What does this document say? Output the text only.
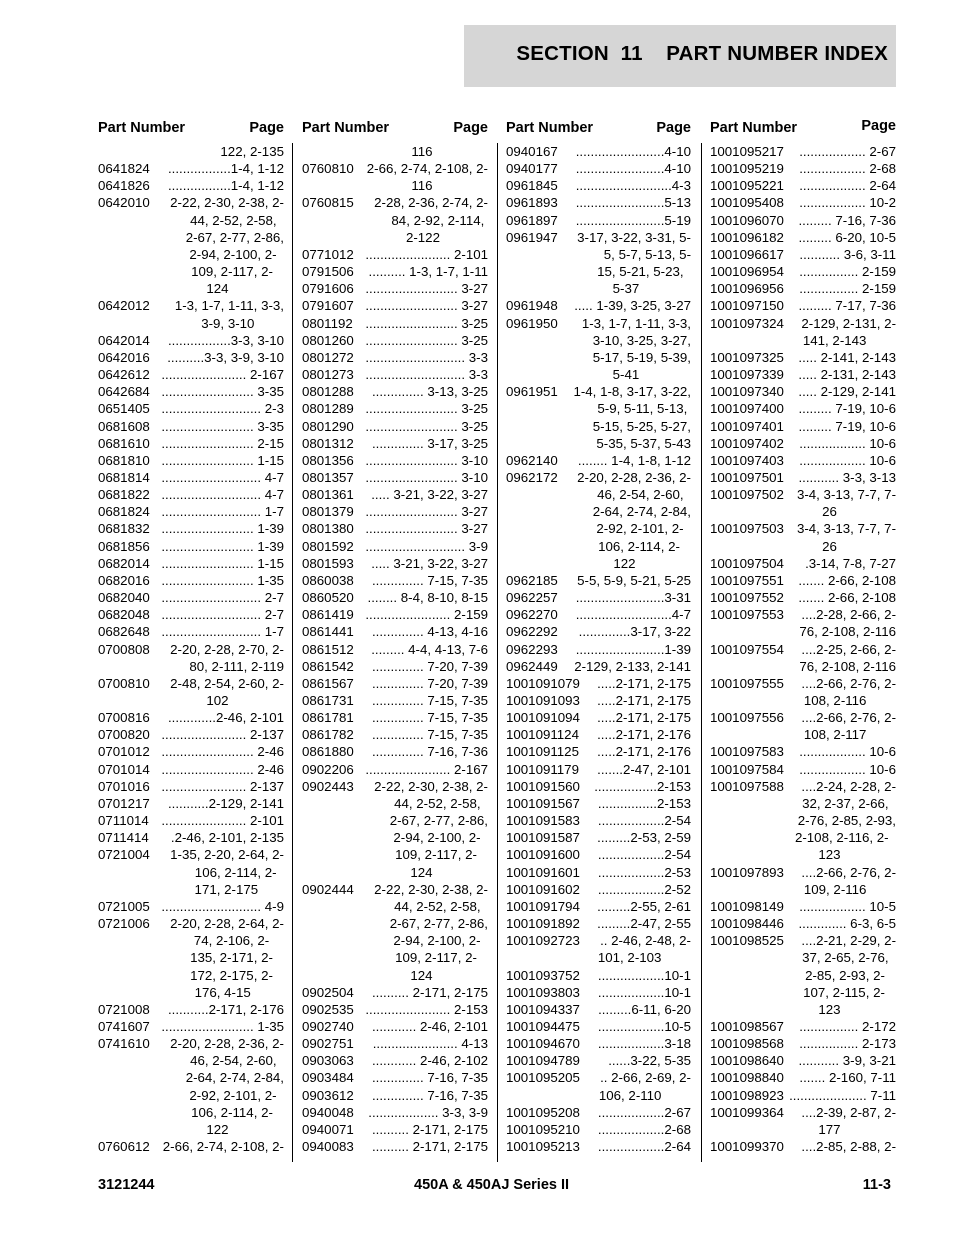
SECTION  11    PART NUMBER INDEX
Part Number	Page
122, 2-135
0641824	.................1-4, 1-12
0641826	.................1-4, 1-12
0642010	2-22, 2-30, 2-38, 2-
44, 2-52, 2-58,
2-67, 2-77, 2-86,
2-94, 2-100, 2-
109, 2-117, 2-
124
0642012	1-3, 1-7, 1-11, 3-3,
3-9, 3-10
0642014	.................3-3, 3-10
0642016	..........3-3, 3-9, 3-10
0642612 ....................... 2-167
0642684 ......................... 3-35
0651405 ........................... 2-3
0681608 ......................... 3-35
0681610 ......................... 2-15
0681810 ......................... 1-15
0681814 ........................... 4-7
0681822 ........................... 4-7
0681824 ........................... 1-7
0681832 ......................... 1-39
0681856 ......................... 1-39
0682014 ......................... 1-15
0682016 ......................... 1-35
0682040 ........................... 2-7
0682048 ........................... 2-7
0682648 ........................... 1-7
0700808	2-20, 2-28, 2-70, 2-
80, 2-111, 2-119
0700810	2-48, 2-54, 2-60, 2-
102
0700816	.............2-46, 2-101
0700820 ....................... 2-137
0701012 ......................... 2-46
0701014 ......................... 2-46
0701016 ....................... 2-137
0701217	...........2-129, 2-141
0711014 ....................... 2-101
0711414	.2-46, 2-101, 2-135
0721004	1-35, 2-20, 2-64, 2-
106, 2-114, 2-
171, 2-175
0721005 ........................... 4-9
0721006	2-20, 2-28, 2-64, 2-
74, 2-106, 2-
135, 2-171, 2-
172, 2-175, 2-
176, 4-15
0721008	...........2-171, 2-176
0741607 ......................... 1-35
0741610	2-20, 2-28, 2-36, 2-
46, 2-54, 2-60,
2-64, 2-74, 2-84,
2-92, 2-101, 2-
106, 2-114, 2-
122
0760612 2-66, 2-74, 2-108, 2-
Part Number	Page
116
0760810 2-66, 2-74, 2-108, 2-
116
0760815	2-28, 2-36, 2-74, 2-
84, 2-92, 2-114,
2-122
0771012 ....................... 2-101
0791506	.......... 1-3, 1-7, 1-11
0791606 ......................... 3-27
0791607 ......................... 3-27
0801192 ......................... 3-25
0801260 ......................... 3-25
0801272 ........................... 3-3
0801273 ........................... 3-3
0801288	.............. 3-13, 3-25
0801289 ......................... 3-25
0801290 ......................... 3-25
0801312	.............. 3-17, 3-25
0801356 ......................... 3-10
0801357 ......................... 3-10
0801361	..... 3-21, 3-22, 3-27
0801379 ......................... 3-27
0801380 ......................... 3-27
0801592 ........................... 3-9
0801593	..... 3-21, 3-22, 3-27
0860038	.............. 7-15, 7-35
0860520	........ 8-4, 8-10, 8-15
0861419 ....................... 2-159
0861441	.............. 4-13, 4-16
0861512	......... 4-4, 4-13, 7-6
0861542	.............. 7-20, 7-39
0861567	.............. 7-20, 7-39
0861731	.............. 7-15, 7-35
0861781	.............. 7-15, 7-35
0861782	.............. 7-15, 7-35
0861880	.............. 7-16, 7-36
0902206 ....................... 2-167
0902443	2-22, 2-30, 2-38, 2-
44, 2-52, 2-58,
2-67, 2-77, 2-86,
2-94, 2-100, 2-
109, 2-117, 2-
124
0902444	2-22, 2-30, 2-38, 2-
44, 2-52, 2-58,
2-67, 2-77, 2-86,
2-94, 2-100, 2-
109, 2-117, 2-
124
0902504	.......... 2-171, 2-175
0902535 ....................... 2-153
0902740	............ 2-46, 2-101
0902751	....................... 4-13
0903063	............ 2-46, 2-102
0903484	.............. 7-16, 7-35
0903612	.............. 7-16, 7-35
0940048	................... 3-3, 3-9
0940071	.......... 2-171, 2-175
0940083	.......... 2-171, 2-175
Part Number	Page
0940167	........................4-10
0940177	........................4-10
0961845	..........................4-3
0961893	........................5-13
0961897	........................5-19
0961947	3-17, 3-22, 3-31, 5-
5, 5-7, 5-13, 5-
15, 5-21, 5-23,
5-37
0961948	..... 1-39, 3-25, 3-27
0961950	1-3, 1-7, 1-11, 3-3,
3-10, 3-25, 3-27,
5-17, 5-19, 5-39,
5-41
0961951	1-4, 1-8, 3-17, 3-22,
5-9, 5-11, 5-13,
5-15, 5-25, 5-27,
5-35, 5-37, 5-43
0962140	........ 1-4, 1-8, 1-12
0962172	2-20, 2-28, 2-36, 2-
46, 2-54, 2-60,
2-64, 2-74, 2-84,
2-92, 2-101, 2-
106, 2-114, 2-
122
0962185	5-5, 5-9, 5-21, 5-25
0962257	........................3-31
0962270	..........................4-7
0962292	..............3-17, 3-22
0962293	........................1-39
0962449	2-129, 2-133, 2-141
1001091079	.....2-171, 2-175
1001091093	.....2-171, 2-175
1001091094	.....2-171, 2-175
1001091124	.....2-171, 2-176
1001091125	.....2-171, 2-176
1001091179	.......2-47, 2-101
1001091560	.................2-153
1001091567	................2-153
1001091583	..................2-54
1001091587	.........2-53, 2-59
1001091600	..................2-54
1001091601	..................2-53
1001091602	..................2-52
1001091794	.........2-55, 2-61
1001091892	.........2-47, 2-55
1001092723	.. 2-46, 2-48, 2-
101, 2-103
1001093752	..................10-1
1001093803	..................10-1
1001094337	.........6-11, 6-20
1001094475	..................10-5
1001094670	..................3-18
1001094789	......3-22, 5-35
1001095205	.. 2-66, 2-69, 2-
106, 2-110
1001095208	..................2-67
1001095210	..................2-68
1001095213	..................2-64
Part Number	Page
1001095217	.................. 2-67
1001095219	.................. 2-68
1001095221	.................. 2-64
1001095408	.................. 10-2
1001096070	......... 7-16, 7-36
1001096182	......... 6-20, 10-5
1001096617	........... 3-6, 3-11
1001096954	................ 2-159
1001096956	................ 2-159
1001097150	......... 7-17, 7-36
1001097324	2-129, 2-131, 2-
141, 2-143
1001097325	..... 2-141, 2-143
1001097339	..... 2-131, 2-143
1001097340	..... 2-129, 2-141
1001097400	......... 7-19, 10-6
1001097401	......... 7-19, 10-6
1001097402	.................. 10-6
1001097403	.................. 10-6
1001097501	........... 3-3, 3-13
1001097502 3-4, 3-13, 7-7, 7-
26
1001097503 3-4, 3-13, 7-7, 7-
26
1001097504	.3-14, 7-8, 7-27
1001097551	....... 2-66, 2-108
1001097552	....... 2-66, 2-108
1001097553	....2-28, 2-66, 2-
76, 2-108, 2-116
1001097554	....2-25, 2-66, 2-
76, 2-108, 2-116
1001097555	....2-66, 2-76, 2-
108, 2-116
1001097556	....2-66, 2-76, 2-
108, 2-117
1001097583	.................. 10-6
1001097584	.................. 10-6
1001097588	....2-24, 2-28, 2-
32, 2-37, 2-66,
2-76, 2-85, 2-93,
2-108, 2-116, 2-
123
1001097893	....2-66, 2-76, 2-
109, 2-116
1001098149	.................. 10-5
1001098446	............. 6-3, 6-5
1001098525	....2-21, 2-29, 2-
37, 2-65, 2-76,
2-85, 2-93, 2-
107, 2-115, 2-
123
1001098567	................ 2-172
1001098568	................ 2-173
1001098640	........... 3-9, 3-21
1001098840	....... 2-160, 7-11
1001098923 ..................... 7-11
1001099364	....2-39, 2-87, 2-
177
1001099370	....2-85, 2-88, 2-
3121244	450A & 450AJ Series II	11-3
